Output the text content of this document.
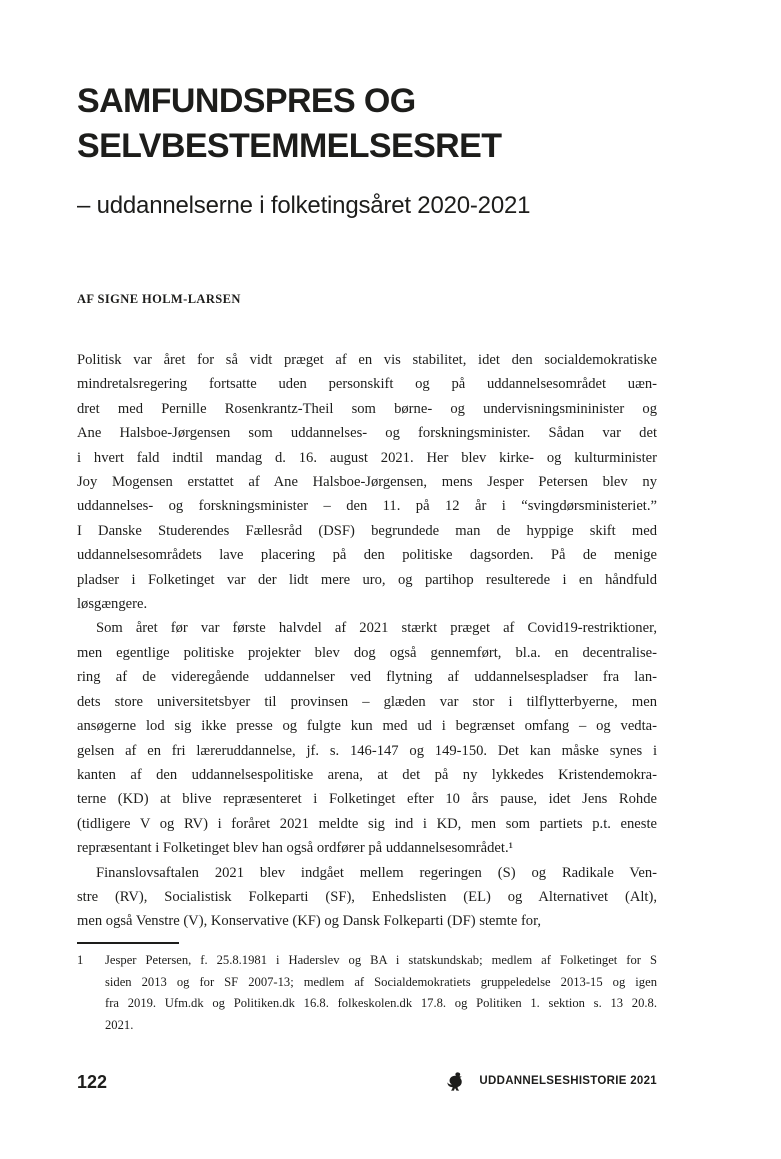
SAMFUNDSPRES OG
SELVBESTEMMELSESRET
– uddannelserne i folketingsåret 2020-2021
AF SIGNE HOLM-LARSEN
Politisk var året for så vidt præget af en vis stabilitet, idet den socialdemokratiske
mindretalsregering fortsatte uden personskift og på uddannelsesområdet uæn-
dret med Pernille Rosenkrantz-Theil som børne- og undervisningsmininister og
Ane Halsboe-Jørgensen som uddannelses- og forskningsminister. Sådan var det
i hvert fald indtil mandag d. 16. august 2021. Her blev kirke- og kulturminister
Joy Mogensen erstattet af Ane Halsboe-Jørgensen, mens Jesper Petersen blev ny
uddannelses- og forskningsminister – den 11. på 12 år i “svingdørsministeriet.”
I Danske Studerendes Fællesråd (DSF) begrundede man de hyppige skift med
uddannelsesområdets lave placering på den politiske dagsorden. På de menige
pladser i Folketinget var der lidt mere uro, og partihop resulterede i en håndfuld
løsgængere.
Som året før var første halvdel af 2021 stærkt præget af Covid19-restriktioner,
men egentlige politiske projekter blev dog også gennemført, bl.a. en decentralise-
ring af de videregående uddannelser ved flytning af uddannelsespladser fra lan-
dets store universitetsbyer til provinsen – glæden var stor i tilflytterbyerne, men
ansøgerne lod sig ikke presse og fulgte kun med ud i begrænset omfang – og vedta-
gelsen af en fri læreruddannelse, jf. s. 146-147 og 149-150. Det kan måske synes i
kanten af den uddannelsespolitiske arena, at det på ny lykkedes Kristendemokra-
terne (KD) at blive repræsenteret i Folketinget efter 10 års pause, idet Jens Rohde
(tidligere V og RV) i foråret 2021 meldte sig ind i KD, men som partiets p.t. eneste
repræsentant i Folketinget blev han også ordfører på uddannelsesområdet.¹
Finanslovsaftalen 2021 blev indgået mellem regeringen (S) og Radikale Ven-
stre (RV), Socialistisk Folkeparti (SF), Enhedslisten (EL) og Alternativet (Alt),
men også Venstre (V), Konservative (KF) og Dansk Folkeparti (DF) stemte for,
1 Jesper Petersen, f. 25.8.1981 i Haderslev og BA i statskundskab; medlem af Folketinget for S
siden 2013 og for SF 2007-13; medlem af Socialdemokratiets gruppeledelse 2013-15 og igen
fra 2019. Ufm.dk og Politiken.dk 16.8. folkeskolen.dk 17.8. og Politiken 1. sektion s. 13 20.8.
2021.
122	UDDANNELSESHISTORIE 2021
